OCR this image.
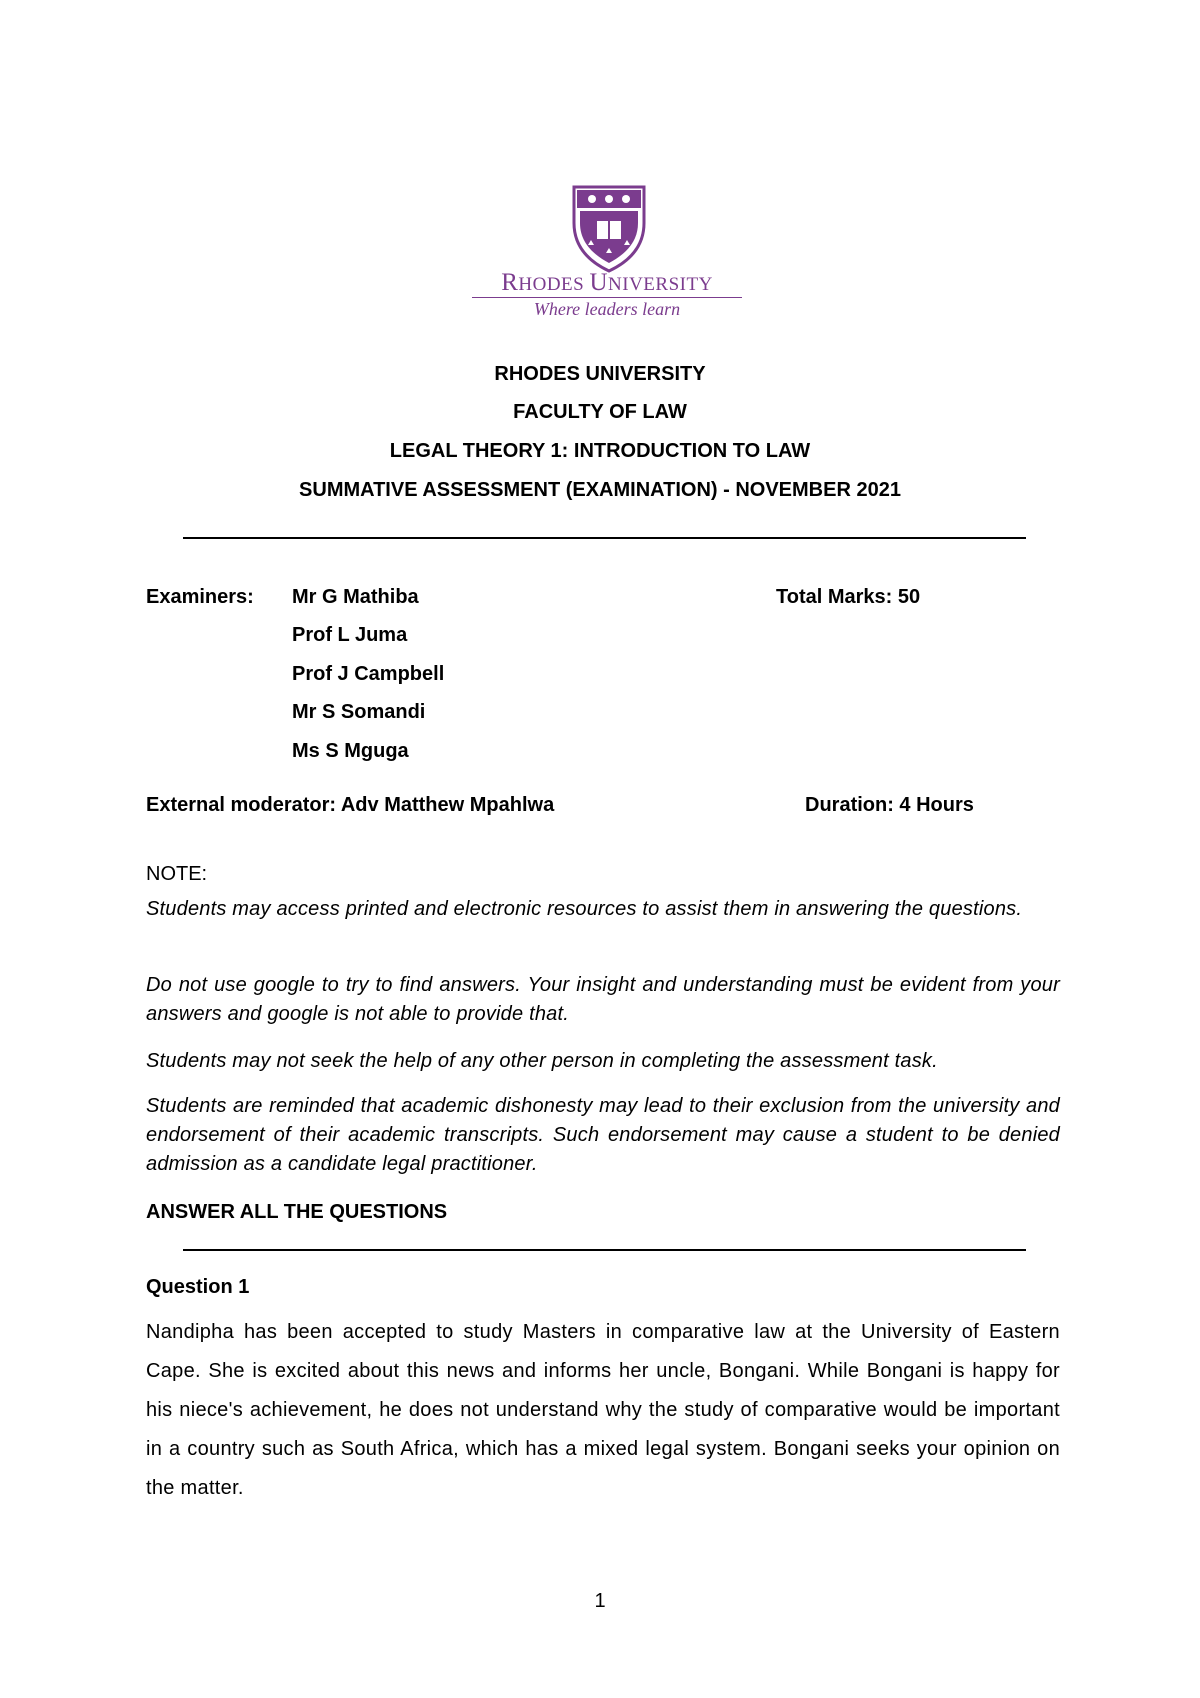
RHODES UNIVERSITY
Where leaders learn
RHODES UNIVERSITY
FACULTY OF LAW
LEGAL THEORY 1: INTRODUCTION TO LAW
SUMMATIVE ASSESSMENT (EXAMINATION) - NOVEMBER 2021
Examiners: Mr G Mathiba
Prof L Juma
Prof J Campbell
Mr S Somandi
Ms S Mguga
Total Marks: 50
External moderator: Adv Matthew Mpahlwa	Duration: 4 Hours
NOTE:
Students may access printed and electronic resources to assist them in answering the questions.
Do not use google to try to find answers. Your insight and understanding must be evident from your answers and google is not able to provide that.
Students may not seek the help of any other person in completing the assessment task.
Students are reminded that academic dishonesty may lead to their exclusion from the university and endorsement of their academic transcripts. Such endorsement may cause a student to be denied admission as a candidate legal practitioner.
ANSWER ALL THE QUESTIONS
Question 1
Nandipha has been accepted to study Masters in comparative law at the University of Eastern Cape. She is excited about this news and informs her uncle, Bongani. While Bongani is happy for his niece's achievement, he does not understand why the study of comparative would be important in a country such as South Africa, which has a mixed legal system. Bongani seeks your opinion on the matter.
1
